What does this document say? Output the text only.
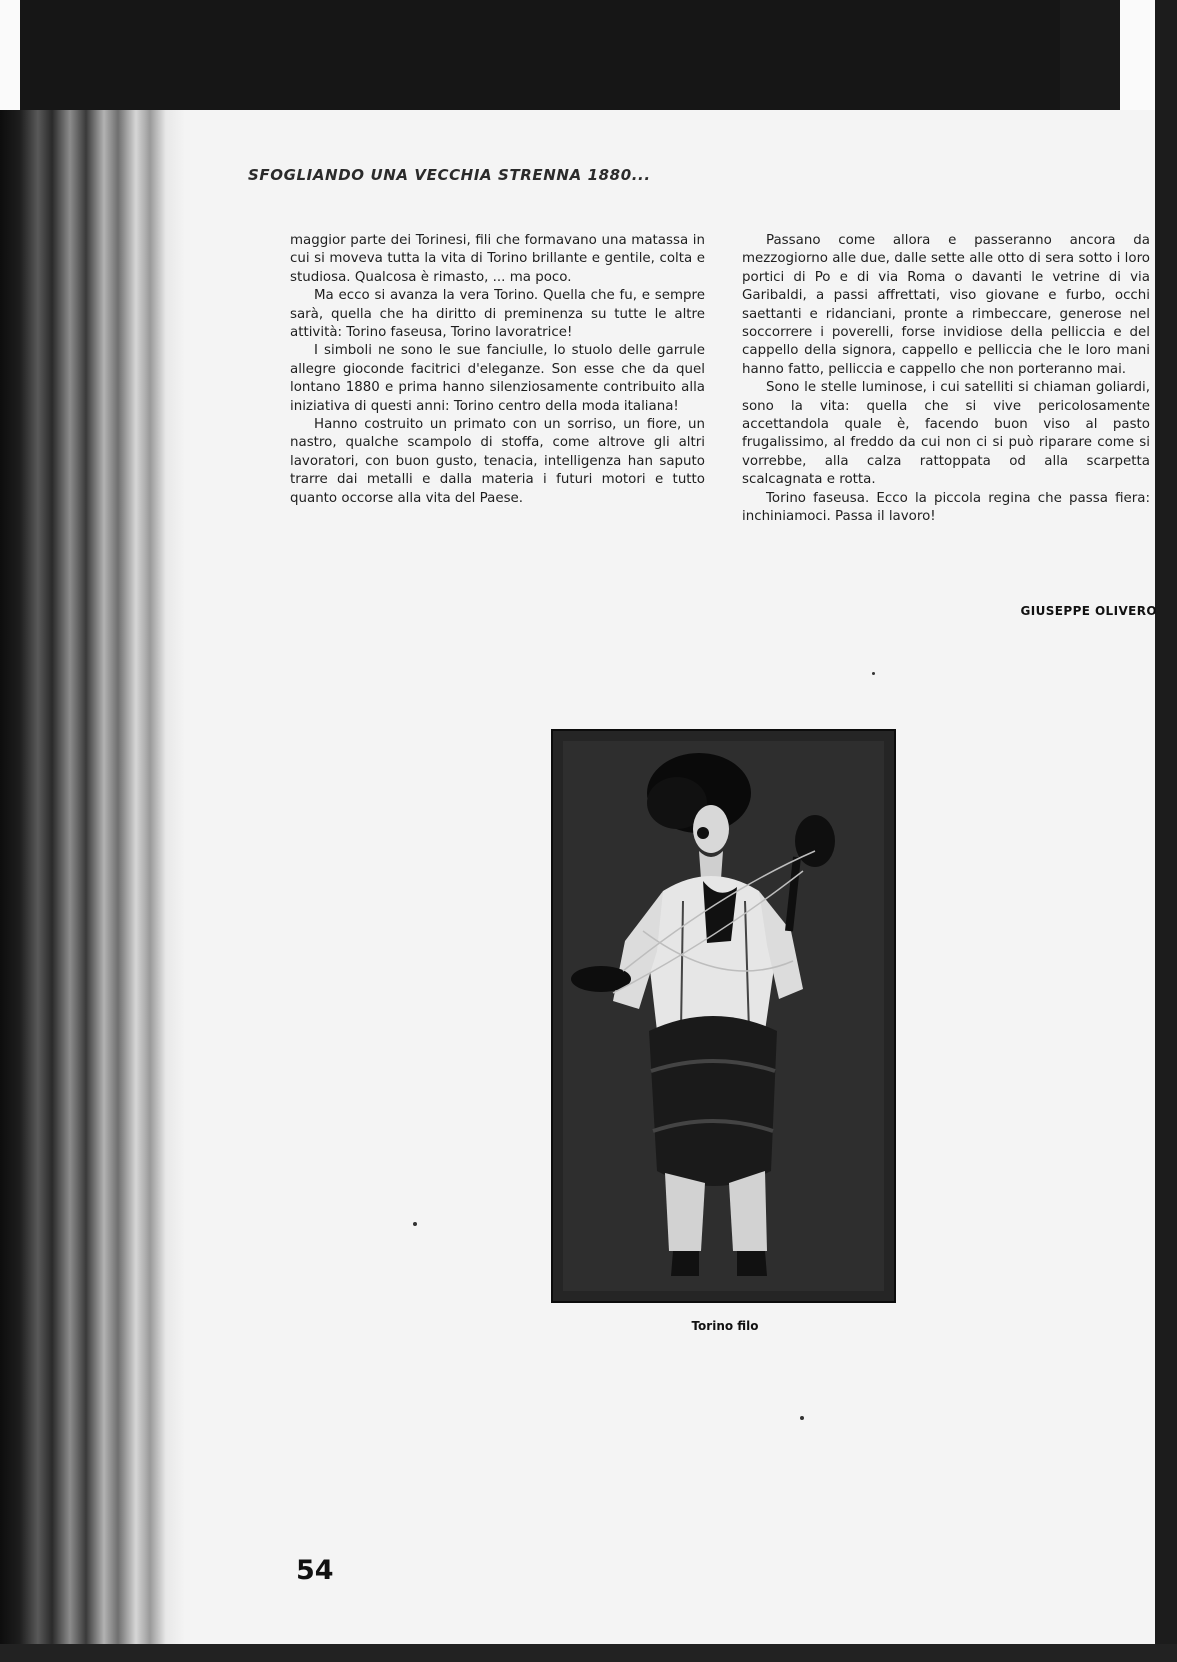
SFOGLIANDO UNA VECCHIA STRENNA 1880...

maggior parte dei Torinesi, fili che formavano una matassa in cui si moveva tutta la vita di Torino brillante e gentile, colta e studiosa. Qualcosa è rimasto, ... ma poco.

Ma ecco si avanza la vera Torino. Quella che fu, e sempre sarà, quella che ha diritto di preminenza su tutte le altre attività: Torino faseusa, Torino lavoratrice!

I simboli ne sono le sue fanciulle, lo stuolo delle garrule allegre gioconde facitrici d'eleganze. Son esse che da quel lontano 1880 e prima hanno silenziosamente contribuito alla iniziativa di questi anni: Torino centro della moda italiana!

Hanno costruito un primato con un sorriso, un fiore, un nastro, qualche scampolo di stoffa, come altrove gli altri lavoratori, con buon gusto, tenacia, intelligenza han saputo trarre dai metalli e dalla materia i futuri motori e tutto quanto occorse alla vita del Paese.

Passano come allora e passeranno ancora da mezzogiorno alle due, dalle sette alle otto di sera sotto i loro portici di Po e di via Roma o davanti le vetrine di via Garibaldi, a passi affrettati, viso giovane e furbo, occhi saettanti e ridanciani, pronte a rimbeccare, generose nel soccorrere i poverelli, forse invidiose della pelliccia e del cappello della signora, cappello e pelliccia che le loro mani hanno fatto, pelliccia e cappello che non porteranno mai.

Sono le stelle luminose, i cui satelliti si chiaman goliardi, sono la vita: quella che si vive pericolosamente accettandola quale è, facendo buon viso al pasto frugalissimo, al freddo da cui non ci si può riparare come si vorrebbe, alla calza rattoppata od alla scarpetta scalcagnata e rotta.

Torino faseusa. Ecco la piccola regina che passa fiera: inchiniamoci. Passa il lavoro!

GIUSEPPE OLIVERO

Torino filo

54
